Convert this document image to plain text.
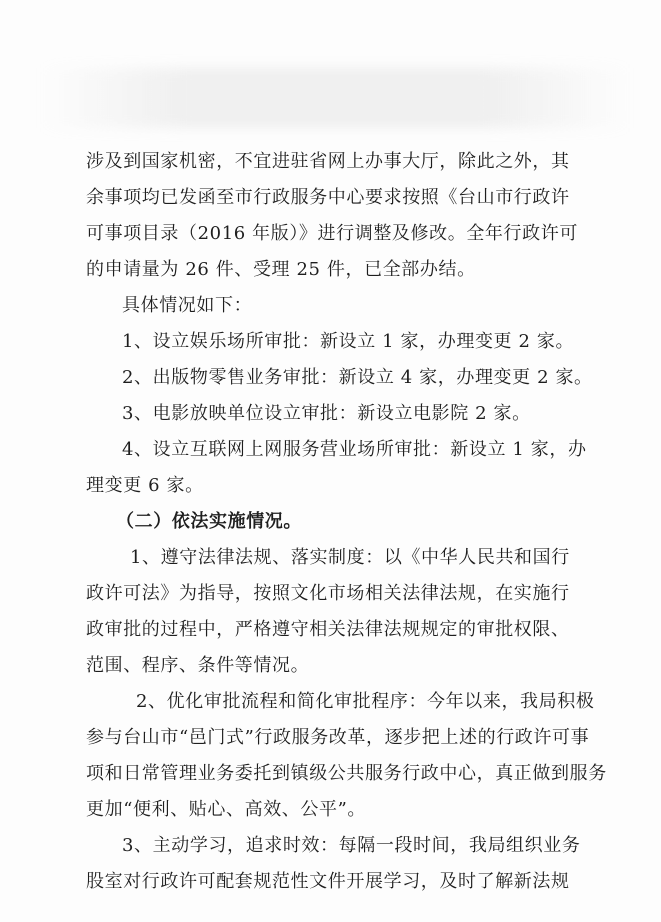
涉及到国家机密，不宜进驻省网上办事大厅，除此之外，其
余事项均已发函至市行政服务中心要求按照《台山市行政许
可事项目录（2016 年版）》进行调整及修改。全年行政许可
的申请量为 26 件、受理 25 件，已全部办结。
具体情况如下：
1、设立娱乐场所审批：新设立 1 家，办理变更 2 家。
2、出版物零售业务审批：新设立 4 家，办理变更 2 家。
3、电影放映单位设立审批：新设立电影院 2 家。
4、设立互联网上网服务营业场所审批：新设立 1 家，办
理变更 6 家。
（二）依法实施情况。
1、遵守法律法规、落实制度：以《中华人民共和国行
政许可法》为指导，按照文化市场相关法律法规，在实施行
政审批的过程中，严格遵守相关法律法规规定的审批权限、
范围、程序、条件等情况。
2、优化审批流程和简化审批程序：今年以来，我局积极
参与台山市“邑门式”行政服务改革，逐步把上述的行政许可事
项和日常管理业务委托到镇级公共服务行政中心，真正做到服务
更加“便利、贴心、高效、公平”。
3、主动学习，追求时效：每隔一段时间，我局组织业务
股室对行政许可配套规范性文件开展学习，及时了解新法规
